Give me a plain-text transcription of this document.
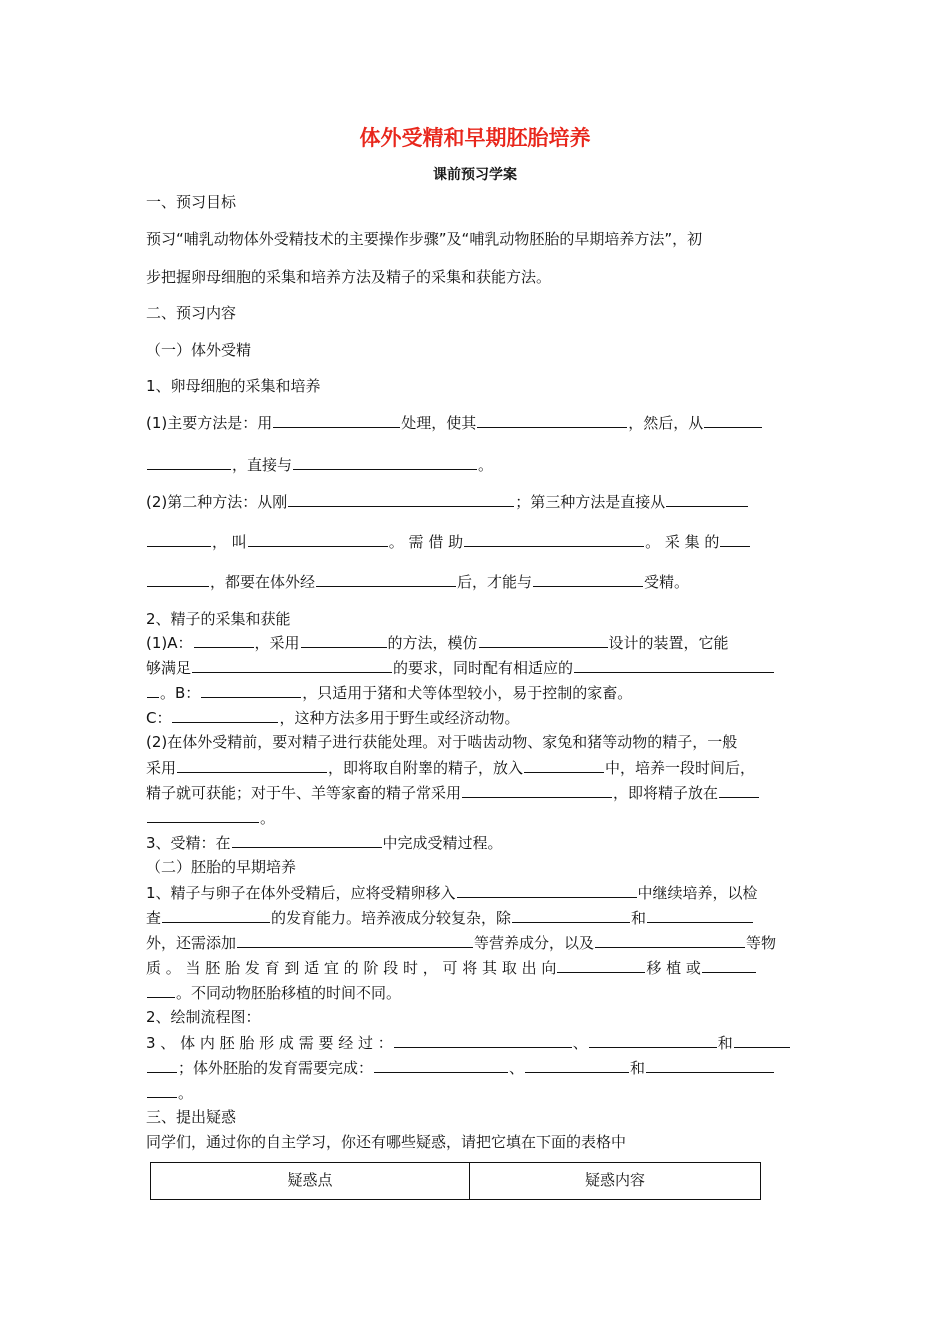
体外受精和早期胚胎培养
课前预习学案
一、预习目标
预习“哺乳动物体外受精技术的主要操作步骤”及“哺乳动物胚胎的早期培养方法”，初
步把握卵母细胞的采集和培养方法及精子的采集和获能方法。
二、预习内容
（一）体外受精
1、卵母细胞的采集和培养
(1)主要方法是：用	处理，使其	，然后，从
，直接与	。
(2)第二种方法：从刚	；第三种方法是直接从
， 叫	。 需 借 助	。 采 集 的
，都要在体外经	后，才能与	受精。
2、精子的采集和获能
(1)A：	，采用	的方法，模仿	设计的装置，它能
够满足	的要求，同时配有相适应的
。B：	，只适用于猪和犬等体型较小，易于控制的家畜。
C：	，这种方法多用于野生或经济动物。
(2)在体外受精前，要对精子进行获能处理。对于啮齿动物、家兔和猪等动物的精子，一般
采用	，即将取自附睾的精子，放入	中，培养一段时间后，
精子就可获能；对于牛、羊等家畜的精子常采用	，即将精子放在
。
3、受精：在	中完成受精过程。
（二）胚胎的早期培养
1、精子与卵子在体外受精后，应将受精卵移入	中继续培养，以检
查	的发育能力。培养液成分较复杂，除	和
外，还需添加	等营养成分，以及	等物
质 。 当 胚 胎 发 育 到 适 宜 的 阶 段 时 ， 可 将 其 取 出 向	移 植 或
。不同动物胚胎移植的时间不同。
2、绘制流程图：
3 、 体 内 胚 胎 形 成 需 要 经 过 ：	、	和
；体外胚胎的发育需要完成：	、	和
。
三、提出疑惑
同学们，通过你的自主学习，你还有哪些疑惑，请把它填在下面的表格中
疑惑点	疑惑内容
